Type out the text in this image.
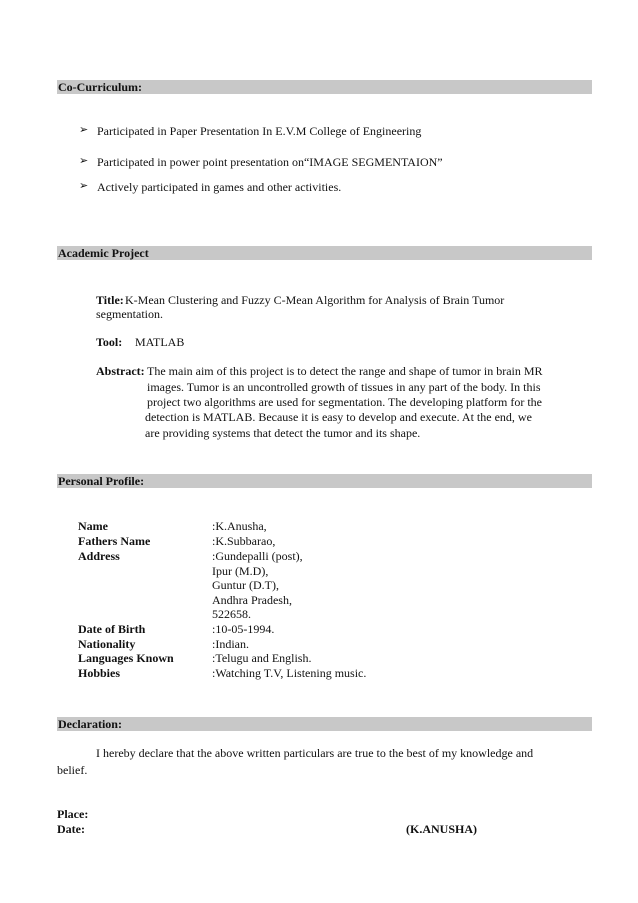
Co-Curriculum:
➢ Participated in Paper Presentation In E.V.M College of Engineering
➢ Participated in power point presentation on“IMAGE SEGMENTAION”
➢ Actively participated in games and other activities.
Academic Project
Title: K-Mean Clustering and Fuzzy C-Mean Algorithm for Analysis of Brain Tumor
segmentation.
Tool: MATLAB
Abstract: The main aim of this project is to detect the range and shape of tumor in brain MR
images. Tumor is an uncontrolled growth of tissues in any part of the body. In this
project two algorithms are used for segmentation. The developing platform for the
detection is MATLAB. Because it is easy to develop and execute. At the end, we
are providing systems that detect the tumor and its shape.
Personal Profile:
Name	:K.Anusha,
Fathers Name	:K.Subbarao,
Address	:Gundepalli (post),
Ipur (M.D),
Guntur (D.T),
Andhra Pradesh,
522658.
Date of Birth	:10-05-1994.
Nationality	:Indian.
Languages Known	:Telugu and English.
Hobbies	:Watching T.V, Listening music.
Declaration:
I hereby declare that the above written particulars are true to the best of my knowledge and
belief.
Place:
Date:	(K.ANUSHA)
